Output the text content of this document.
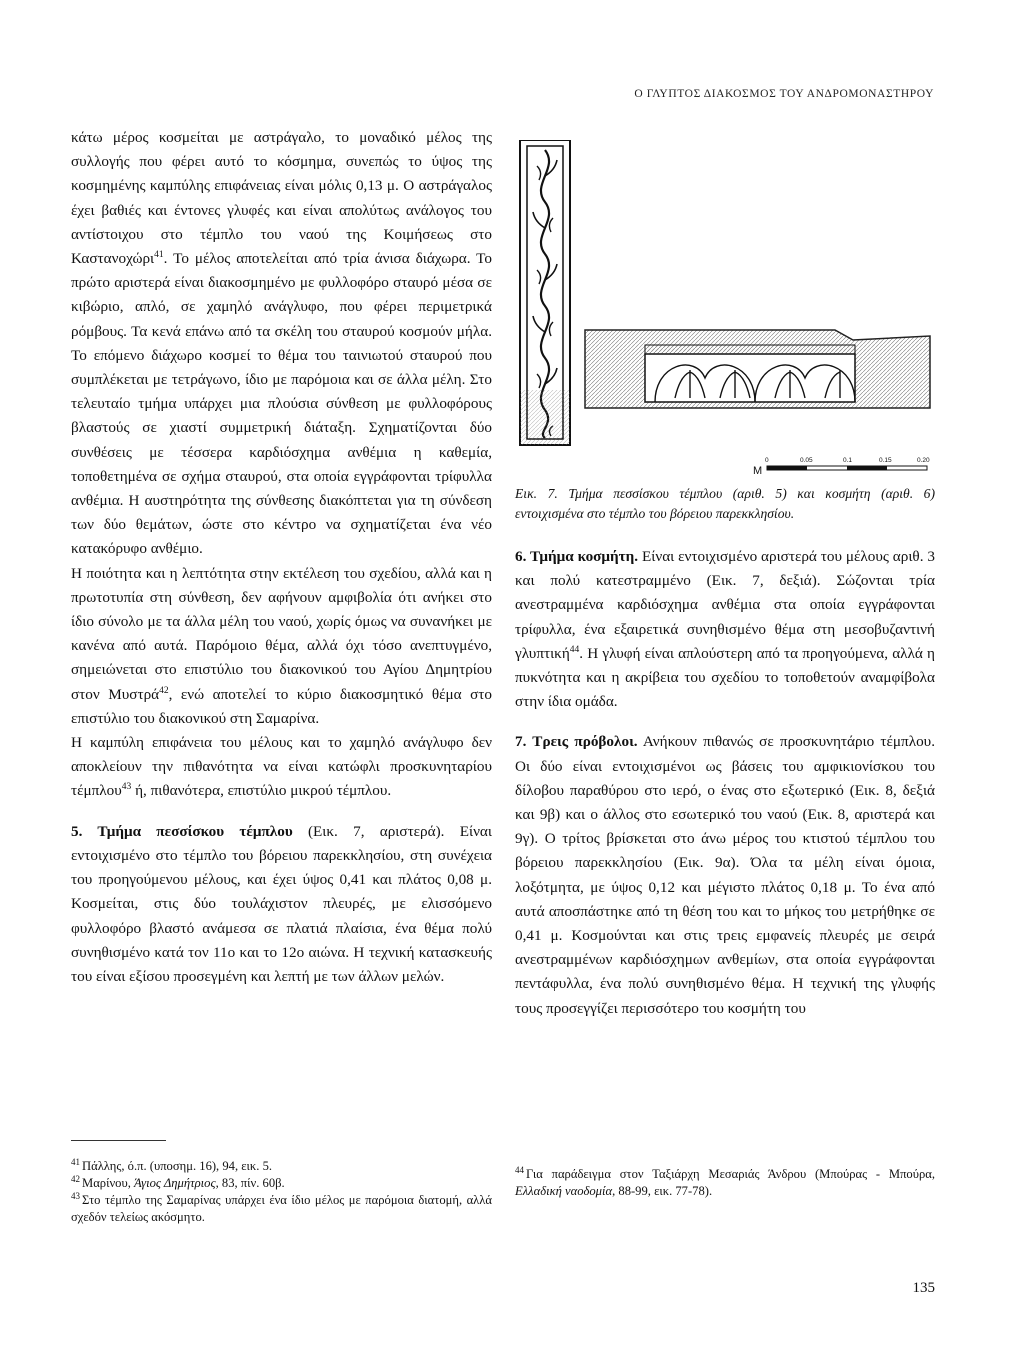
Ο ΓΛΥΠΤΟΣ ΔΙΑΚΟΣΜΟΣ ΤΟΥ ΑΝΔΡΟΜΟΝΑΣΤΗΡΟΥ

κάτω μέρος κοσμείται με αστράγαλο, το μοναδικό μέλος της συλλογής που φέρει αυτό το κόσμημα, συνεπώς το ύψος της κοσμημένης καμπύλης επιφάνειας είναι μόλις 0,13 μ. Ο αστράγαλος έχει βαθιές και έντονες γλυφές και είναι απολύτως ανάλογος του αντίστοιχου στο τέμπλο του ναού της Κοιμήσεως στο Καστανοχώρι$^{41}$. Το μέλος αποτελείται από τρία άνισα διάχωρα. Το πρώτο αριστερά είναι διακοσμημένο με φυλλοφόρο σταυρό μέσα σε κιβώριο, απλό, σε χαμηλό ανάγλυφο, που φέρει περιμετρικά ρόμβους. Τα κενά επάνω από τα σκέλη του σταυρού κοσμούν μήλα. Το επόμενο διάχωρο κοσμεί το θέμα του ταινιωτού σταυρού που συμπλέκεται με τετράγωνο, ίδιο με παρόμοια και σε άλλα μέλη. Στο τελευταίο τμήμα υπάρχει μια πλούσια σύνθεση με φυλλοφόρους βλαστούς σε χιαστί συμμετρική διάταξη. Σχηματίζονται δύο συνθέσεις με τέσσερα καρδιόσχημα ανθέμια η καθεμία, τοποθετημένα σε σχήμα σταυρού, στα οποία εγγράφονται τρίφυλλα ανθέμια. Η αυστηρότητα της σύνθεσης διακόπτεται για τη σύνδεση των δύο θεμάτων, ώστε στο κέντρο να σχηματίζεται ένα νέο κατακόρυφο ανθέμιο.

Η ποιότητα και η λεπτότητα στην εκτέλεση του σχεδίου, αλλά και η πρωτοτυπία στη σύνθεση, δεν αφήνουν αμφιβολία ότι ανήκει στο ίδιο σύνολο με τα άλλα μέλη του ναού, χωρίς όμως να συνανήκει με κανένα από αυτά. Παρόμοιο θέμα, αλλά όχι τόσο ανεπτυγμένο, σημειώνεται στο επιστύλιο του διακονικού του Αγίου Δημητρίου στον Μυστρά$^{42}$, ενώ αποτελεί το κύριο διακοσμητικό θέμα στο επιστύλιο του διακονικού στη Σαμαρίνα.

Η καμπύλη επιφάνεια του μέλους και το χαμηλό ανάγλυφο δεν αποκλείουν την πιθανότητα να είναι κατώφλι προσκυνηταρίου τέμπλου$^{43}$ ή, πιθανότερα, επιστύλιο μικρού τέμπλου.

5. Τμήμα πεσσίσκου τέμπλου (Εικ. 7, αριστερά). Είναι εντοιχισμένο στο τέμπλο του βόρειου παρεκκλησίου, στη συνέχεια του προηγούμενου μέλους, και έχει ύψος 0,41 και πλάτος 0,08 μ. Κοσμείται, στις δύο τουλάχιστον πλευρές, με ελισσόμενο φυλλοφόρο βλαστό ανάμεσα σε πλατιά πλαίσια, ένα θέμα πολύ συνηθισμένο κατά τον 11ο και το 12ο αιώνα. Η τεχνική κατασκευής του είναι εξίσου προσεγμένη και λεπτή με των άλλων μελών.

M
0	0.05	0.1	0.15	0.20
Εικ. 7. Τμήμα πεσσίσκου τέμπλου (αριθ. 5) και κοσμήτη (αριθ. 6) εντοιχισμένα στο τέμπλο του βόρειου παρεκκλησίου.

6. Τμήμα κοσμήτη. Είναι εντοιχισμένο αριστερά του μέλους αριθ. 3 και πολύ κατεστραμμένο (Εικ. 7, δεξιά). Σώζονται τρία ανεστραμμένα καρδιόσχημα ανθέμια στα οποία εγγράφονται τρίφυλλα, ένα εξαιρετικά συνηθισμένο θέμα στη μεσοβυζαντινή γλυπτική$^{44}$. Η γλυφή είναι απλούστερη από τα προηγούμενα, αλλά η πυκνότητα και η ακρίβεια του σχεδίου το τοποθετούν αναμφίβολα στην ίδια ομάδα.

7. Τρεις πρόβολοι. Ανήκουν πιθανώς σε προσκυνητάριο τέμπλου. Οι δύο είναι εντοιχισμένοι ως βάσεις του αμφικιονίσκου του δίλοβου παραθύρου στο ιερό, ο ένας στο εξωτερικό (Εικ. 8, δεξιά και 9β) και ο άλλος στο εσωτερικό του ναού (Εικ. 8, αριστερά και 9γ). Ο τρίτος βρίσκεται στο άνω μέρος του κτιστού τέμπλου του βόρειου παρεκκλησίου (Εικ. 9α). Όλα τα μέλη είναι όμοια, λοξότμητα, με ύψος 0,12 και μέγιστο πλάτος 0,18 μ. Το ένα από αυτά αποσπάστηκε από τη θέση του και το μήκος του μετρήθηκε σε 0,41 μ. Κοσμούνται και στις τρεις εμφανείς πλευρές με σειρά ανεστραμμένων καρδιόσχημων ανθεμίων, στα οποία εγγράφονται πεντάφυλλα, ένα πολύ συνηθισμένο θέμα. Η τεχνική της γλυφής τους προσεγγίζει περισσότερο του κοσμήτη του

$^{41}$ Πάλλης, ό.π. (υποσημ. 16), 94, εικ. 5.

$^{42}$ Μαρίνου, Άγιος Δημήτριος, 83, πίν. 60β.

$^{43}$ Στο τέμπλο της Σαμαρίνας υπάρχει ένα ίδιο μέλος με παρόμοια διατομή, αλλά σχεδόν τελείως ακόσμητο.

$^{44}$ Για παράδειγμα στον Ταξιάρχη Μεσαριάς Άνδρου (Μπούρας - Μπούρα, Ελλαδική ναοδομία, 88-99, εικ. 77-78).

135
